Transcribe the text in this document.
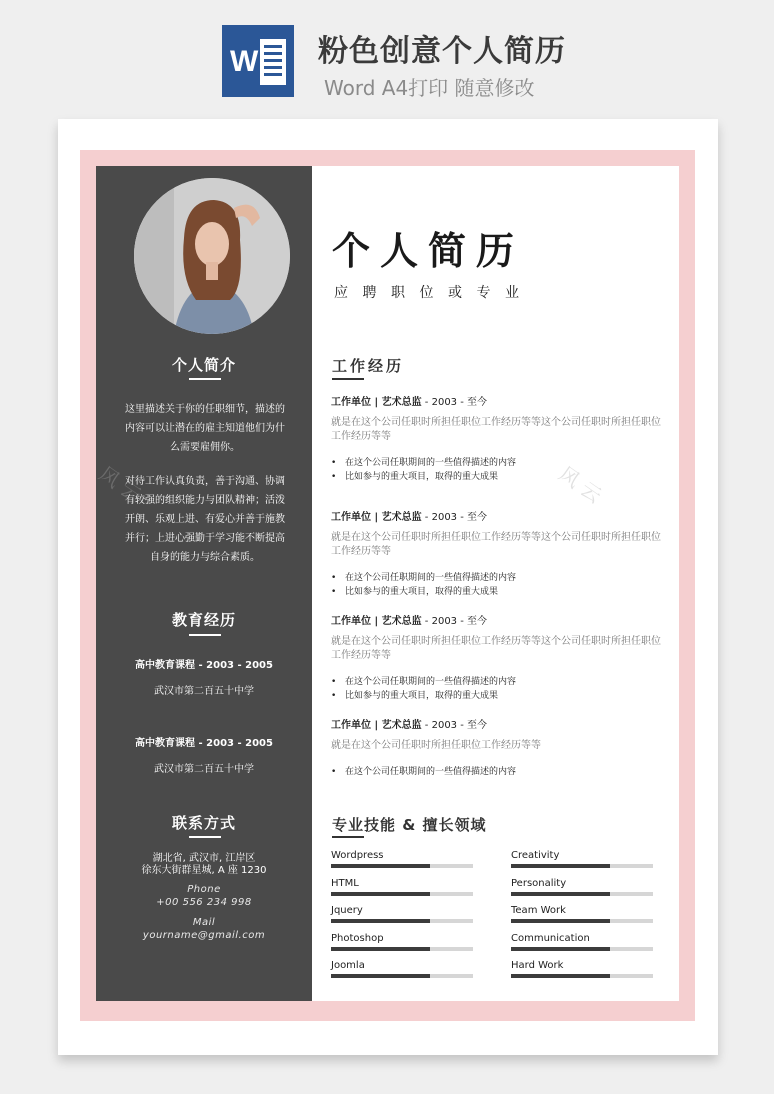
W 粉色创意个人简历
Word A4打印 随意修改
个人简介
这里描述关于你的任职细节，描述的内容可以让潜在的雇主知道他们为什么需要雇佣你。
对待工作认真负责，善于沟通、协调有较强的组织能力与团队精神；活泼开朗、乐观上进、有爱心并善于施教并行；上进心强勤于学习能不断提高自身的能力与综合素质。
教育经历
高中教育课程 - 2003 - 2005
武汉市第二百五十中学
高中教育课程 - 2003 - 2005
武汉市第二百五十中学
联系方式
湖北省, 武汉市, 江岸区
徐东大街群星城, A 座 1230
Phone
+00 556 234 998
Mail
yourname@gmail.com
个人简历
应聘职位或专业
工作经历
工作单位 | 艺术总监 - 2003 - 至今
就是在这个公司任职时所担任职位工作经历等等这个公司任职时所担任职位工作经历等等
• 在这个公司任职期间的一些值得描述的内容
• 比如参与的重大项目，取得的重大成果
工作单位 | 艺术总监 - 2003 - 至今
就是在这个公司任职时所担任职位工作经历等等这个公司任职时所担任职位工作经历等等
• 在这个公司任职期间的一些值得描述的内容
• 比如参与的重大项目，取得的重大成果
工作单位 | 艺术总监 - 2003 - 至今
就是在这个公司任职时所担任职位工作经历等等这个公司任职时所担任职位工作经历等等
• 在这个公司任职期间的一些值得描述的内容
• 比如参与的重大项目，取得的重大成果
工作单位 | 艺术总监 - 2003 - 至今
就是在这个公司任职时所担任职位工作经历等等
• 在这个公司任职期间的一些值得描述的内容
专业技能 & 擅长领域
Wordpress
HTML
Jquery
Photoshop
Joomla
Creativity
Personality
Team Work
Communication
Hard Work
风 云	风 云
